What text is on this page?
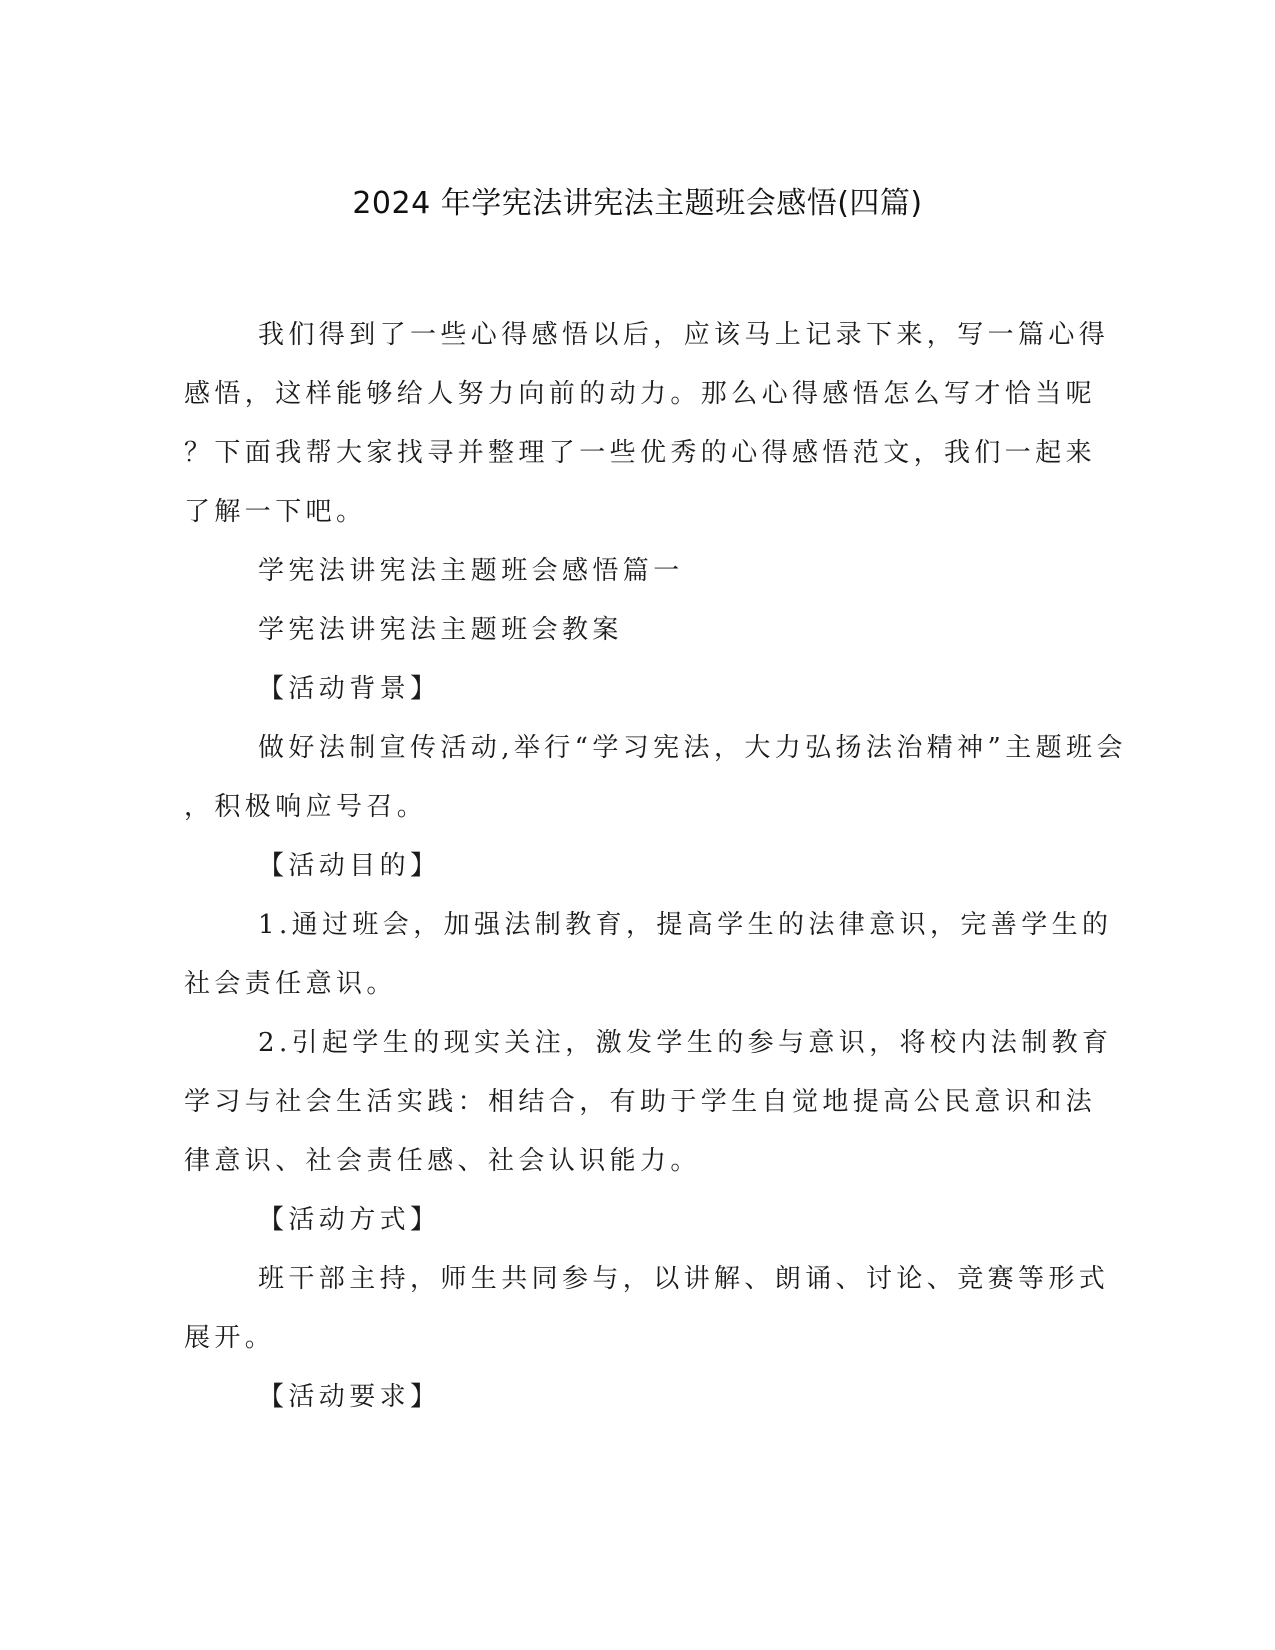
2024 年学宪法讲宪法主题班会感悟(四篇)
我们得到了一些心得感悟以后，应该马上记录下来，写一篇心得
感悟，这样能够给人努力向前的动力。那么心得感悟怎么写才恰当呢
？下面我帮大家找寻并整理了一些优秀的心得感悟范文，我们一起来
了解一下吧。
学宪法讲宪法主题班会感悟篇一
学宪法讲宪法主题班会教案
【活动背景】
做好法制宣传活动,举行“学习宪法，大力弘扬法治精神”主题班会
，积极响应号召。
【活动目的】
1.通过班会，加强法制教育，提高学生的法律意识，完善学生的
社会责任意识。
2.引起学生的现实关注，激发学生的参与意识，将校内法制教育
学习与社会生活实践：相结合，有助于学生自觉地提高公民意识和法
律意识、社会责任感、社会认识能力。
【活动方式】
班干部主持，师生共同参与，以讲解、朗诵、讨论、竞赛等形式
展开。
【活动要求】
